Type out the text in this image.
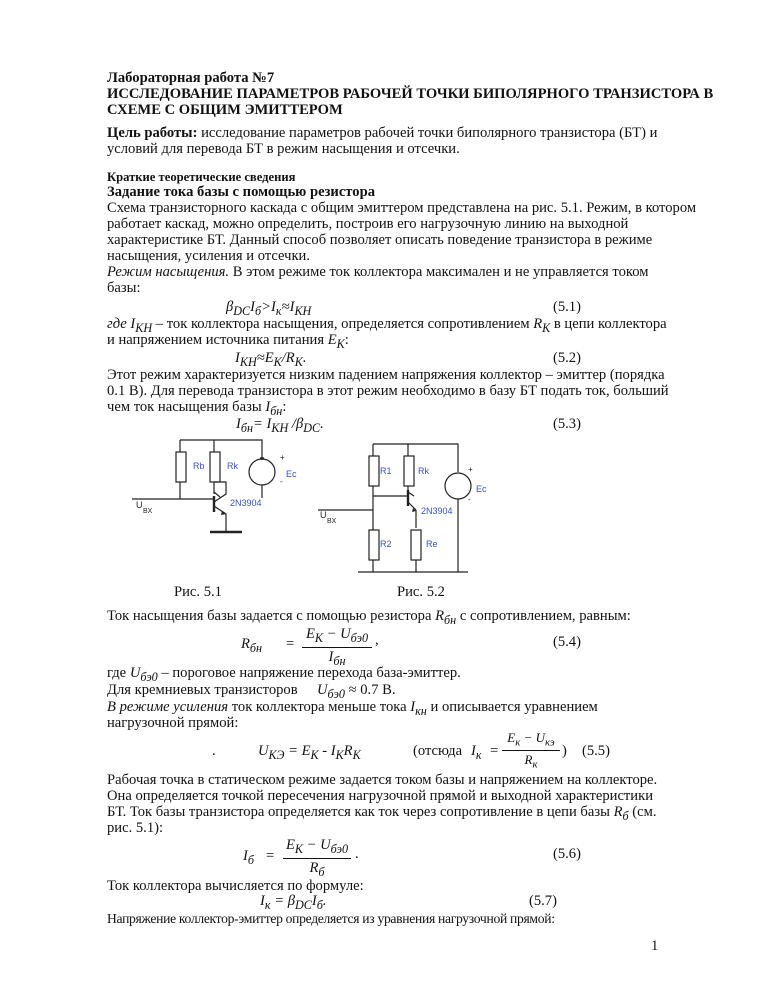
Лабораторная работа №7
ИССЛЕДОВАНИЕ ПАРАМЕТРОВ РАБОЧЕЙ ТОЧКИ БИПОЛЯРНОГО ТРАНЗИСТОРА В
СХЕМЕ С ОБЩИМ ЭМИТТЕРОМ
Цель работы: исследование параметров рабочей точки биполярного транзистора (БТ) и
условий для перевода БТ в режим насыщения и отсечки.
Краткие теоретические сведения
Задание тока базы с помощью резистора
Схема транзисторного каскада с общим эмиттером представлена на рис. 5.1. Режим, в котором
работает каскад, можно определить, построив его нагрузочную линию на выходной
характеристике БТ. Данный способ позволяет описать поведение транзистора в режиме
насыщения, усиления и отсечки.
Режим насыщения. В этом режиме ток коллектора максимален и не управляется током
базы:
$\beta_{DC}I_б>I_к\approx I_{КН}$	(5.1)
где $I_{КН}$ – ток коллектора насыщения, определяется сопротивлением $R_К$ в цепи коллектора
и напряжением источника питания $E_К$:
$I_{КН}\approx E_К/R_К$.	(5.2)
Этот режим характеризуется низким падением напряжения коллектор – эмиттер (порядка
0.1 В). Для перевода транзистора в этот режим необходимо в базу БТ подать ток, больший
чем ток насыщения базы $I_{бн}$:
$I_{бн}= I_{КН}$ $/\beta_{DC}$.	(5.3)
Rb Rk
Ec
+
-
U
BX
2N3904
R1	Rk
R2	Re
Ec
+
-
U
BX
2N3904
Рис. 5.1	Рис. 5.2
Ток насыщения базы задается с помощью резистора $R_{бн}$ с сопротивлением, равным:
$R_{бн}$ =
$E_К - U_{бэ0}$
$I_{бн}$
,	(5.4)
где $U_{бэ0}$ – пороговое напряжение перехода база-эмиттер.
Для кремниевых транзисторов $U_{бэ0} \approx 0.7$ В.
В режиме усиления ток коллектора меньше тока $I_{кн}$ и описывается уравнением
нагрузочной прямой:
.	$U_{КЭ} = E_К - I_КR_К$	(отсюда $I_к$ =
$E_к - U_{кэ}$
$R_к$
) (5.5)
Рабочая точка в статическом режиме задается током базы и напряжением на коллекторе.
Она определяется точкой пересечения нагрузочной прямой и выходной характеристики
БТ. Ток базы транзистора определяется как ток через сопротивление в цепи базы $R_б$ (см.
рис. 5.1):
$I_б$ =
$E_К - U_{бэ0}$
$R_б$
.	(5.6)
Ток коллектора вычисляется по формуле:
$I_к = \beta_{DC}I_б$.	(5.7)
Напряжение коллектор-эмиттер определяется из уравнения нагрузочной прямой:
1
